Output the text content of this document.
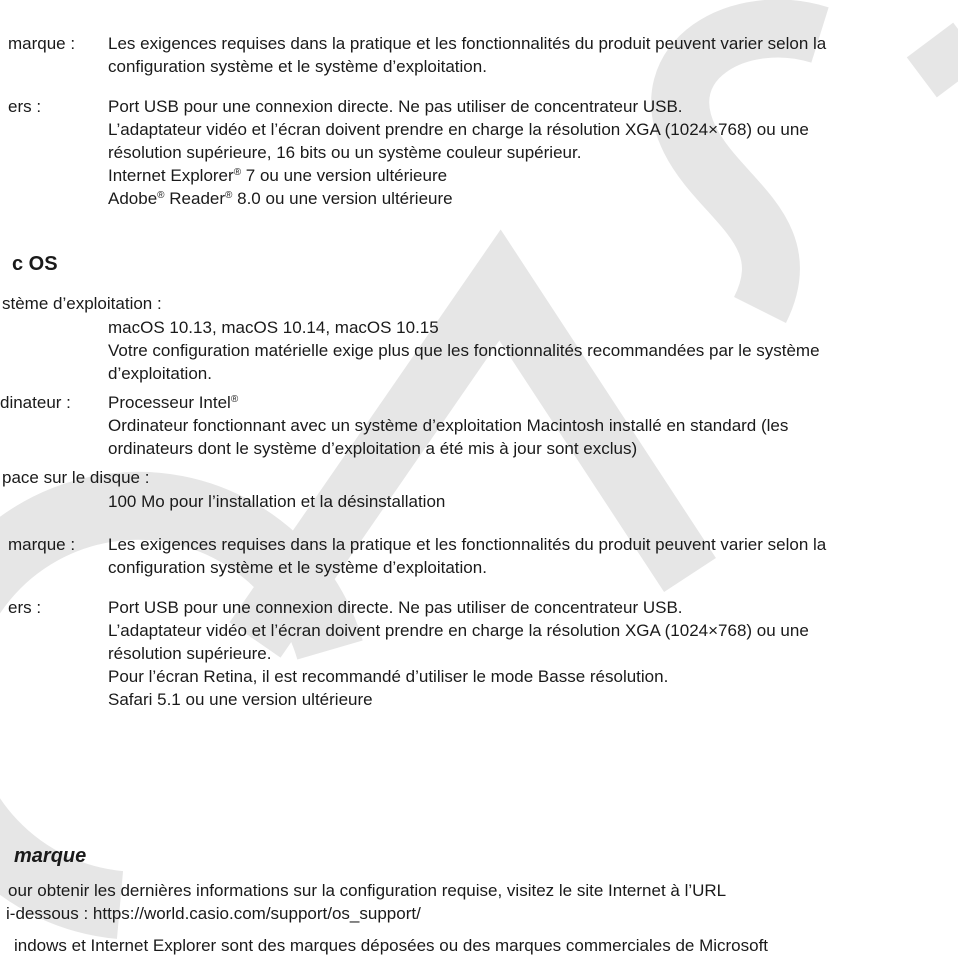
marque : Les exigences requises dans la pratique et les fonctionnalités du produit peuvent varier selon la

configuration système et le système d’exploitation.

ers :	Port USB pour une connexion directe. Ne pas utiliser de concentrateur USB.

L’adaptateur vidéo et l’écran doivent prendre en charge la résolution XGA (1024×768) ou une

résolution supérieure, 16 bits ou un système couleur supérieur.

Internet Explorer® 7 ou une version ultérieure

Adobe® Reader® 8.0 ou une version ultérieure

c OS
stème d’exploitation :

macOS 10.13, macOS 10.14, macOS 10.15

Votre configuration matérielle exige plus que les fonctionnalités recommandées par le système

d’exploitation.

dinateur : Processeur Intel®

Ordinateur fonctionnant avec un système d’exploitation Macintosh installé en standard (les

ordinateurs dont le système d’exploitation a été mis à jour sont exclus)

pace sur le disque :

100 Mo pour l’installation et la désinstallation

marque : Les exigences requises dans la pratique et les fonctionnalités du produit peuvent varier selon la

configuration système et le système d’exploitation.

ers :	Port USB pour une connexion directe. Ne pas utiliser de concentrateur USB.

L’adaptateur vidéo et l’écran doivent prendre en charge la résolution XGA (1024×768) ou une

résolution supérieure.

Pour l’écran Retina, il est recommandé d’utiliser le mode Basse résolution.

Safari 5.1 ou une version ultérieure

marque

our obtenir les dernières informations sur la configuration requise, visitez le site Internet à l’URL

i-dessous : https://world.casio.com/support/os_support/

indows et Internet Explorer sont des marques déposées ou des marques commerciales de Microsoft
